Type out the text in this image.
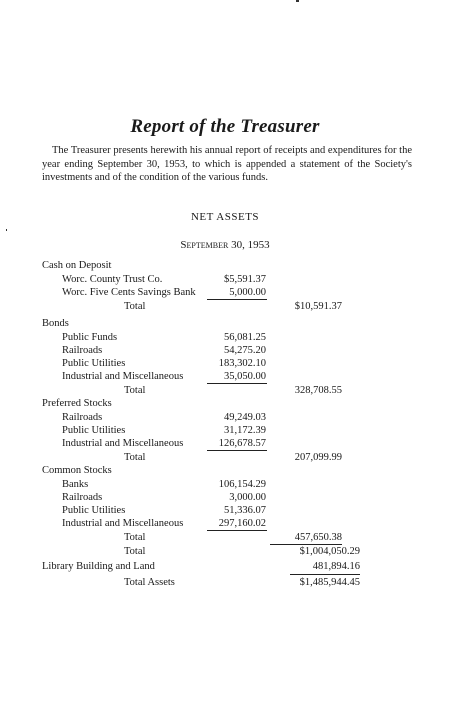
Report of the Treasurer
The Treasurer presents herewith his annual report of receipts and expenditures for the year ending September 30, 1953, to which is appended a statement of the Society's investments and of the condition of the various funds.
NET ASSETS
September 30, 1953
Cash on Deposit
Worc. County Trust Co.	$5,591.37
Worc. Five Cents Savings Bank	5,000.00
Total	$10,591.37
Bonds
Public Funds	56,081.25
Railroads	54,275.20
Public Utilities	183,302.10
Industrial and Miscellaneous	35,050.00
Total	328,708.55
Preferred Stocks
Railroads	49,249.03
Public Utilities	31,172.39
Industrial and Miscellaneous	126,678.57
Total	207,099.99
Common Stocks
Banks	106,154.29
Railroads	3,000.00
Public Utilities	51,336.07
Industrial and Miscellaneous	297,160.02
Total	457,650.38
Total	$1,004,050.29
Library Building and Land	481,894.16
Total Assets	$1,485,944.45
